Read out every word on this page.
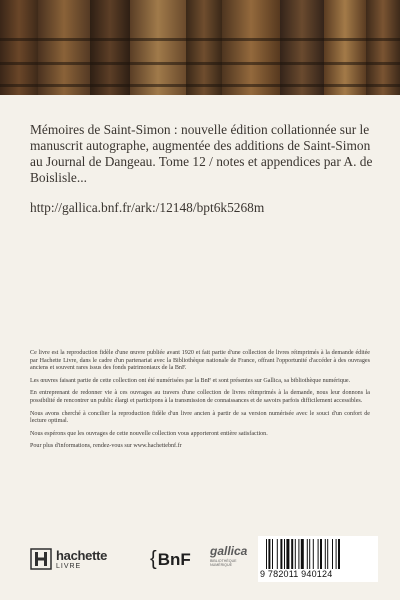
Mémoires de Saint-Simon : nouvelle édition collationnée sur le manuscrit autographe, augmentée des additions de Saint-Simon au Journal de Dangeau. Tome 12 / notes et appendices par A. de Boislisle...
http://gallica.bnf.fr/ark:/12148/bpt6k5268m

Ce livre est la reproduction fidèle d'une œuvre publiée avant 1920 et fait partie d'une collection de livres réimprimés à la demande éditée par Hachette Livre, dans le cadre d'un partenariat avec la Bibliothèque nationale de France, offrant l'opportunité d'accéder à des ouvrages anciens et souvent rares issus des fonds patrimoniaux de la BnF.

Les œuvres faisant partie de cette collection ont été numérisées par la BnF et sont présentes sur Gallica, sa bibliothèque numérique.

En entreprenant de redonner vie à ces ouvrages au travers d'une collection de livres réimprimés à la demande, nous leur donnons la possibilité de rencontrer un public élargi et participons à la transmission de connaissances et de savoirs parfois difficilement accessibles.

Nous avons cherché à concilier la reproduction fidèle d'un livre ancien à partir de sa version numérisée avec le souci d'un confort de lecture optimal.

Nous espérons que les ouvrages de cette nouvelle collection vous apporteront entière satisfaction.

Pour plus d'informations, rendez-vous sur www.hachettebnf.fr

hachette
LIVRE	{BnF gallica
BIBLIOTHÈQUE
NUMÉRIQUE
9 782011 940124
